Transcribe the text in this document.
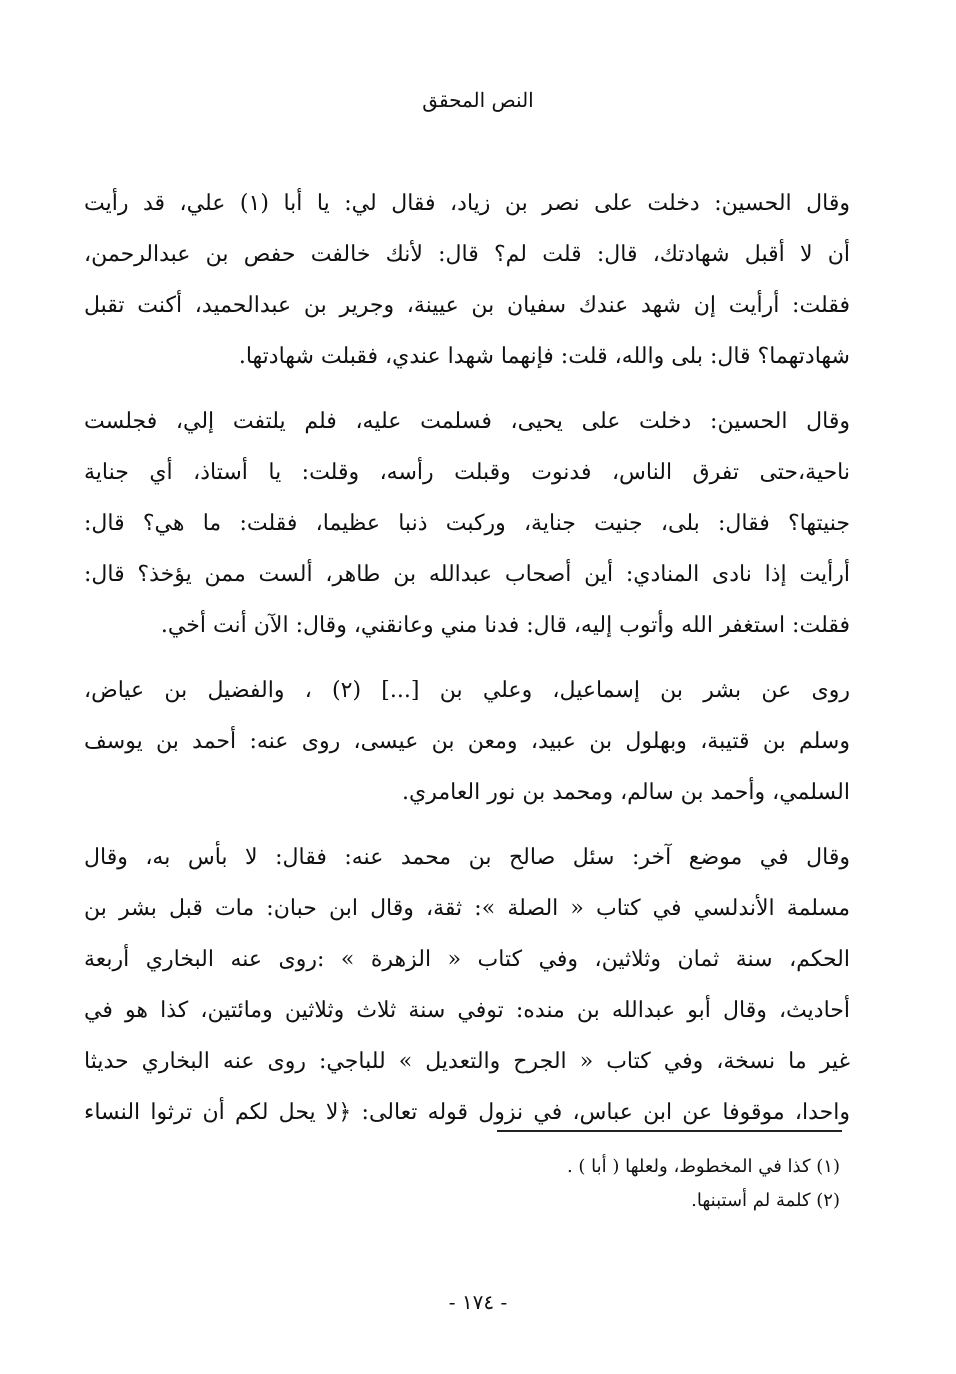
النص المحقق

وقال الحسين: دخلت على نصر بن زياد، فقال لي: يا أبا (١) علي، قد رأيت
أن لا أقبل شهادتك، قال: قلت لم؟ قال: لأنك خالفت حفص بن عبدالرحمن،
فقلت: أرأيت إن شهد عندك سفيان بن عيينة، وجرير بن عبدالحميد، أكنت تقبل
شهادتهما؟ قال: بلى والله، قلت: فإنهما شهدا عندي، فقبلت شهادتها.

وقال الحسين: دخلت على يحيى، فسلمت عليه، فلم يلتفت إلي، فجلست
ناحية،حتى تفرق الناس، فدنوت وقبلت رأسه، وقلت: يا أستاذ، أي جناية
جنيتها؟ فقال: بلى، جنيت جناية، وركبت ذنبا عظيما، فقلت: ما هي؟ قال:
أرأيت إذا نادى المنادي: أين أصحاب عبدالله بن طاهر، ألست ممن يؤخذ؟ قال:
فقلت: استغفر الله وأتوب إليه، قال: فدنا مني وعانقني، وقال: الآن أنت أخي.

روى عن بشر بن إسماعيل، وعلي بن [...] (٢) ، والفضيل بن عياض،
وسلم بن قتيبة، وبهلول بن عبيد، ومعن بن عيسى، روى عنه: أحمد بن يوسف
السلمي، وأحمد بن سالم، ومحمد بن نور العامري.

وقال في موضع آخر: سئل صالح بن محمد عنه: فقال: لا بأس به، وقال
مسلمة الأندلسي في كتاب « الصلة »: ثقة، وقال ابن حبان: مات قبل بشر بن
الحكم، سنة ثمان وثلاثين، وفي كتاب « الزهرة » :روى عنه البخاري أربعة
أحاديث، وقال أبو عبدالله بن منده: توفي سنة ثلاث وثلاثين ومائتين، كذا هو في
غير ما نسخة، وفي كتاب « الجرح والتعديل » للباجي: روى عنه البخاري حديثا
واحدا، موقوفا عن ابن عباس، في نزول قوله تعالى: ﴿لا يحل لكم أن ترثوا النساء

(١) كذا في المخطوط، ولعلها ( أبا ) .
(٢) كلمة لم أستبنها.
- ١٧٤ -
